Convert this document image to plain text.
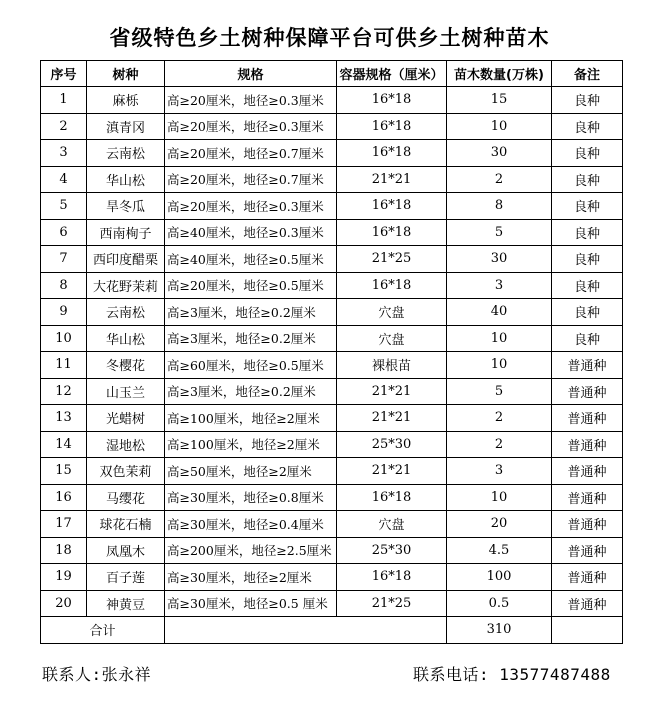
省级特色乡土树种保障平台可供乡土树种苗木
序号	树种	规格	容器规格（厘米）	苗木数量(万株)	备注
1	麻栎	高≥20厘米，地径≥0.3厘米	16*18	15	良种
2	滇青冈	高≥20厘米，地径≥0.3厘米	16*18	10	良种
3	云南松	高≥20厘米，地径≥0.7厘米	16*18	30	良种
4	华山松	高≥20厘米，地径≥0.7厘米	21*21	2	良种
5	旱冬瓜	高≥20厘米，地径≥0.3厘米	16*18	8	良种
6	西南栒子	高≥40厘米，地径≥0.3厘米	16*18	5	良种
7	西印度醋栗	高≥40厘米，地径≥0.5厘米	21*25	30	良种
8	大花野茉莉	高≥20厘米，地径≥0.5厘米	16*18	3	良种
9	云南松	高≥3厘米，地径≥0.2厘米	穴盘	40	良种
10	华山松	高≥3厘米，地径≥0.2厘米	穴盘	10	良种
11	冬樱花	高≥60厘米，地径≥0.5厘米	裸根苗	10	普通种
12	山玉兰	高≥3厘米，地径≥0.2厘米	21*21	5	普通种
13	光蜡树	高≥100厘米，地径≥2厘米	21*21	2	普通种
14	湿地松	高≥100厘米，地径≥2厘米	25*30	2	普通种
15	双色茉莉	高≥50厘米，地径≥2厘米	21*21	3	普通种
16	马缨花	高≥30厘米，地径≥0.8厘米	16*18	10	普通种
17	球花石楠	高≥30厘米，地径≥0.4厘米	穴盘	20	普通种
18	凤凰木	高≥200厘米，地径≥2.5厘米	25*30	4.5	普通种
19	百子莲	高≥30厘米，地径≥2厘米	16*18	100	普通种
20	神黄豆	高≥30厘米，地径≥0.5 厘米	21*25	0.5	普通种
合计				310	
联系人:张永祥	联系电话: 13577487488
